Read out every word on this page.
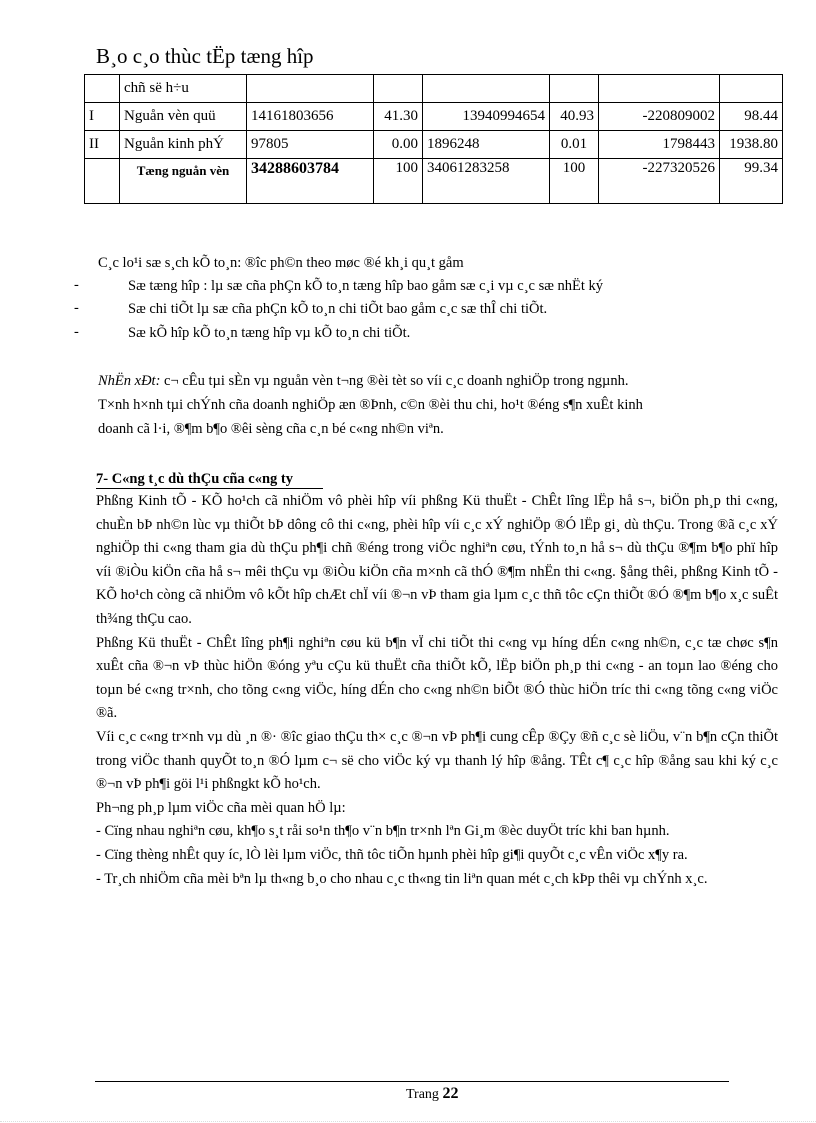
B¸o c¸o thùc tËp tæng hîp
	chñ së h÷u						
I	Nguån vèn quü	14161803656	41.30	13940994654	40.93	-220809002	98.44
II	Nguån kinh phÝ	97805	0.00	1896248	0.01	1798443	1938.80
	Tæng nguån vèn	34288603784	100	34061283258	100	-227320526	99.34
C¸c lo¹i sæ s¸ch kÕ to¸n: ®îc ph©n theo møc ®é kh¸i qu¸t gåm
-	Sæ tæng hîp : lµ sæ cña phÇn kÕ to¸n tæng hîp bao gåm sæ c¸i vµ c¸c sæ nhËt ký
-	Sæ chi tiÕt lµ sæ cña phÇn kÕ to¸n chi tiÕt bao gåm c¸c sæ thÎ chi tiÕt.
-	Sæ kÕ hîp kÕ to¸n tæng hîp vµ kÕ to¸n chi tiÕt.
NhËn xÐt: c¬ cÊu tµi sÈn vµ nguån vèn t¬ng ®èi tèt so víi c¸c doanh nghiÖp trong ngµnh.
T×nh h×nh tµi chÝnh cña doanh nghiÖp æn ®Þnh, c©n ®èi thu chi, ho¹t ®éng s¶n xuÊt kinh
doanh cã l·i, ®¶m b¶o ®êi sèng cña c¸n bé c«ng nh©n viªn.
7- C«ng t¸c dù thÇu cña c«ng ty
Phßng Kinh tÕ - KÕ ho¹ch cã nhiÖm vô phèi hîp víi phßng Kü thuËt - ChÊt lîng lËp hå s¬, biÖn ph¸p thi c«ng, chuÈn bÞ nh©n lùc vµ thiÕt bÞ dông cô thi c«ng, phèi hîp víi c¸c xÝ nghiÖp ®Ó lËp gi¸ dù thÇu. Trong ®ã c¸c xÝ nghiÖp thi c«ng tham gia dù thÇu ph¶i chñ ®éng trong viÖc nghiªn cøu, tÝnh to¸n hå s¬ dù thÇu ®¶m b¶o phï hîp víi ®iÒu kiÖn cña hå s¬ mêi thÇu vµ ®iÒu kiÖn cña m×nh cã thÓ ®¶m nhËn thi c«ng. §ång thêi, phßng Kinh tÕ - KÕ ho¹ch còng cã nhiÖm vô kÕt hîp chÆt chÏ víi ®¬n vÞ tham gia lµm c¸c thñ tôc cÇn thiÕt ®Ó ®¶m b¶o x¸c suÊt th¾ng thÇu cao.
Phßng Kü thuËt - ChÊt lîng ph¶i nghiªn cøu kü b¶n vÏ chi tiÕt thi c«ng vµ híng dÉn c«ng nh©n, c¸c tæ chøc s¶n xuÊt cña ®¬n vÞ thùc hiÖn ®óng yªu cÇu kü thuËt cña thiÕt kÕ, lËp biÖn ph¸p thi c«ng - an toµn lao ®éng cho toµn bé c«ng tr×nh, cho tõng c«ng viÖc, híng dÉn cho c«ng nh©n biÕt ®Ó thùc hiÖn tríc thi c«ng tõng c«ng viÖc ®ã.
Víi c¸c c«ng tr×nh vµ dù ¸n ®· ®îc giao thÇu th× c¸c ®¬n vÞ ph¶i cung cÊp ®Çy ®ñ c¸c sè liÖu, v¨n b¶n cÇn thiÕt trong viÖc thanh quyÕt to¸n ®Ó lµm c¬ së cho viÖc ký vµ thanh lý hîp ®ång. TÊt c¶ c¸c hîp ®ång sau khi ký c¸c ®¬n vÞ ph¶i göi l¹i phßngkt kÕ ho¹ch.
Ph¬ng ph¸p lµm viÖc cña mèi quan hÖ lµ:
- Cïng nhau nghiªn cøu, kh¶o s¸t råi so¹n th¶o v¨n b¶n tr×nh lªn Gi¸m ®èc duyÖt tríc khi ban hµnh.
- Cïng thèng nhÊt quy íc, lÒ lèi lµm viÖc, thñ tôc tiÕn hµnh phèi hîp gi¶i quyÕt c¸c vÊn viÖc x¶y ra.
- Tr¸ch nhiÖm cña mèi bªn lµ th«ng b¸o cho nhau c¸c th«ng tin liªn quan mét c¸ch kÞp thêi vµ chÝnh x¸c.
Trang 22
